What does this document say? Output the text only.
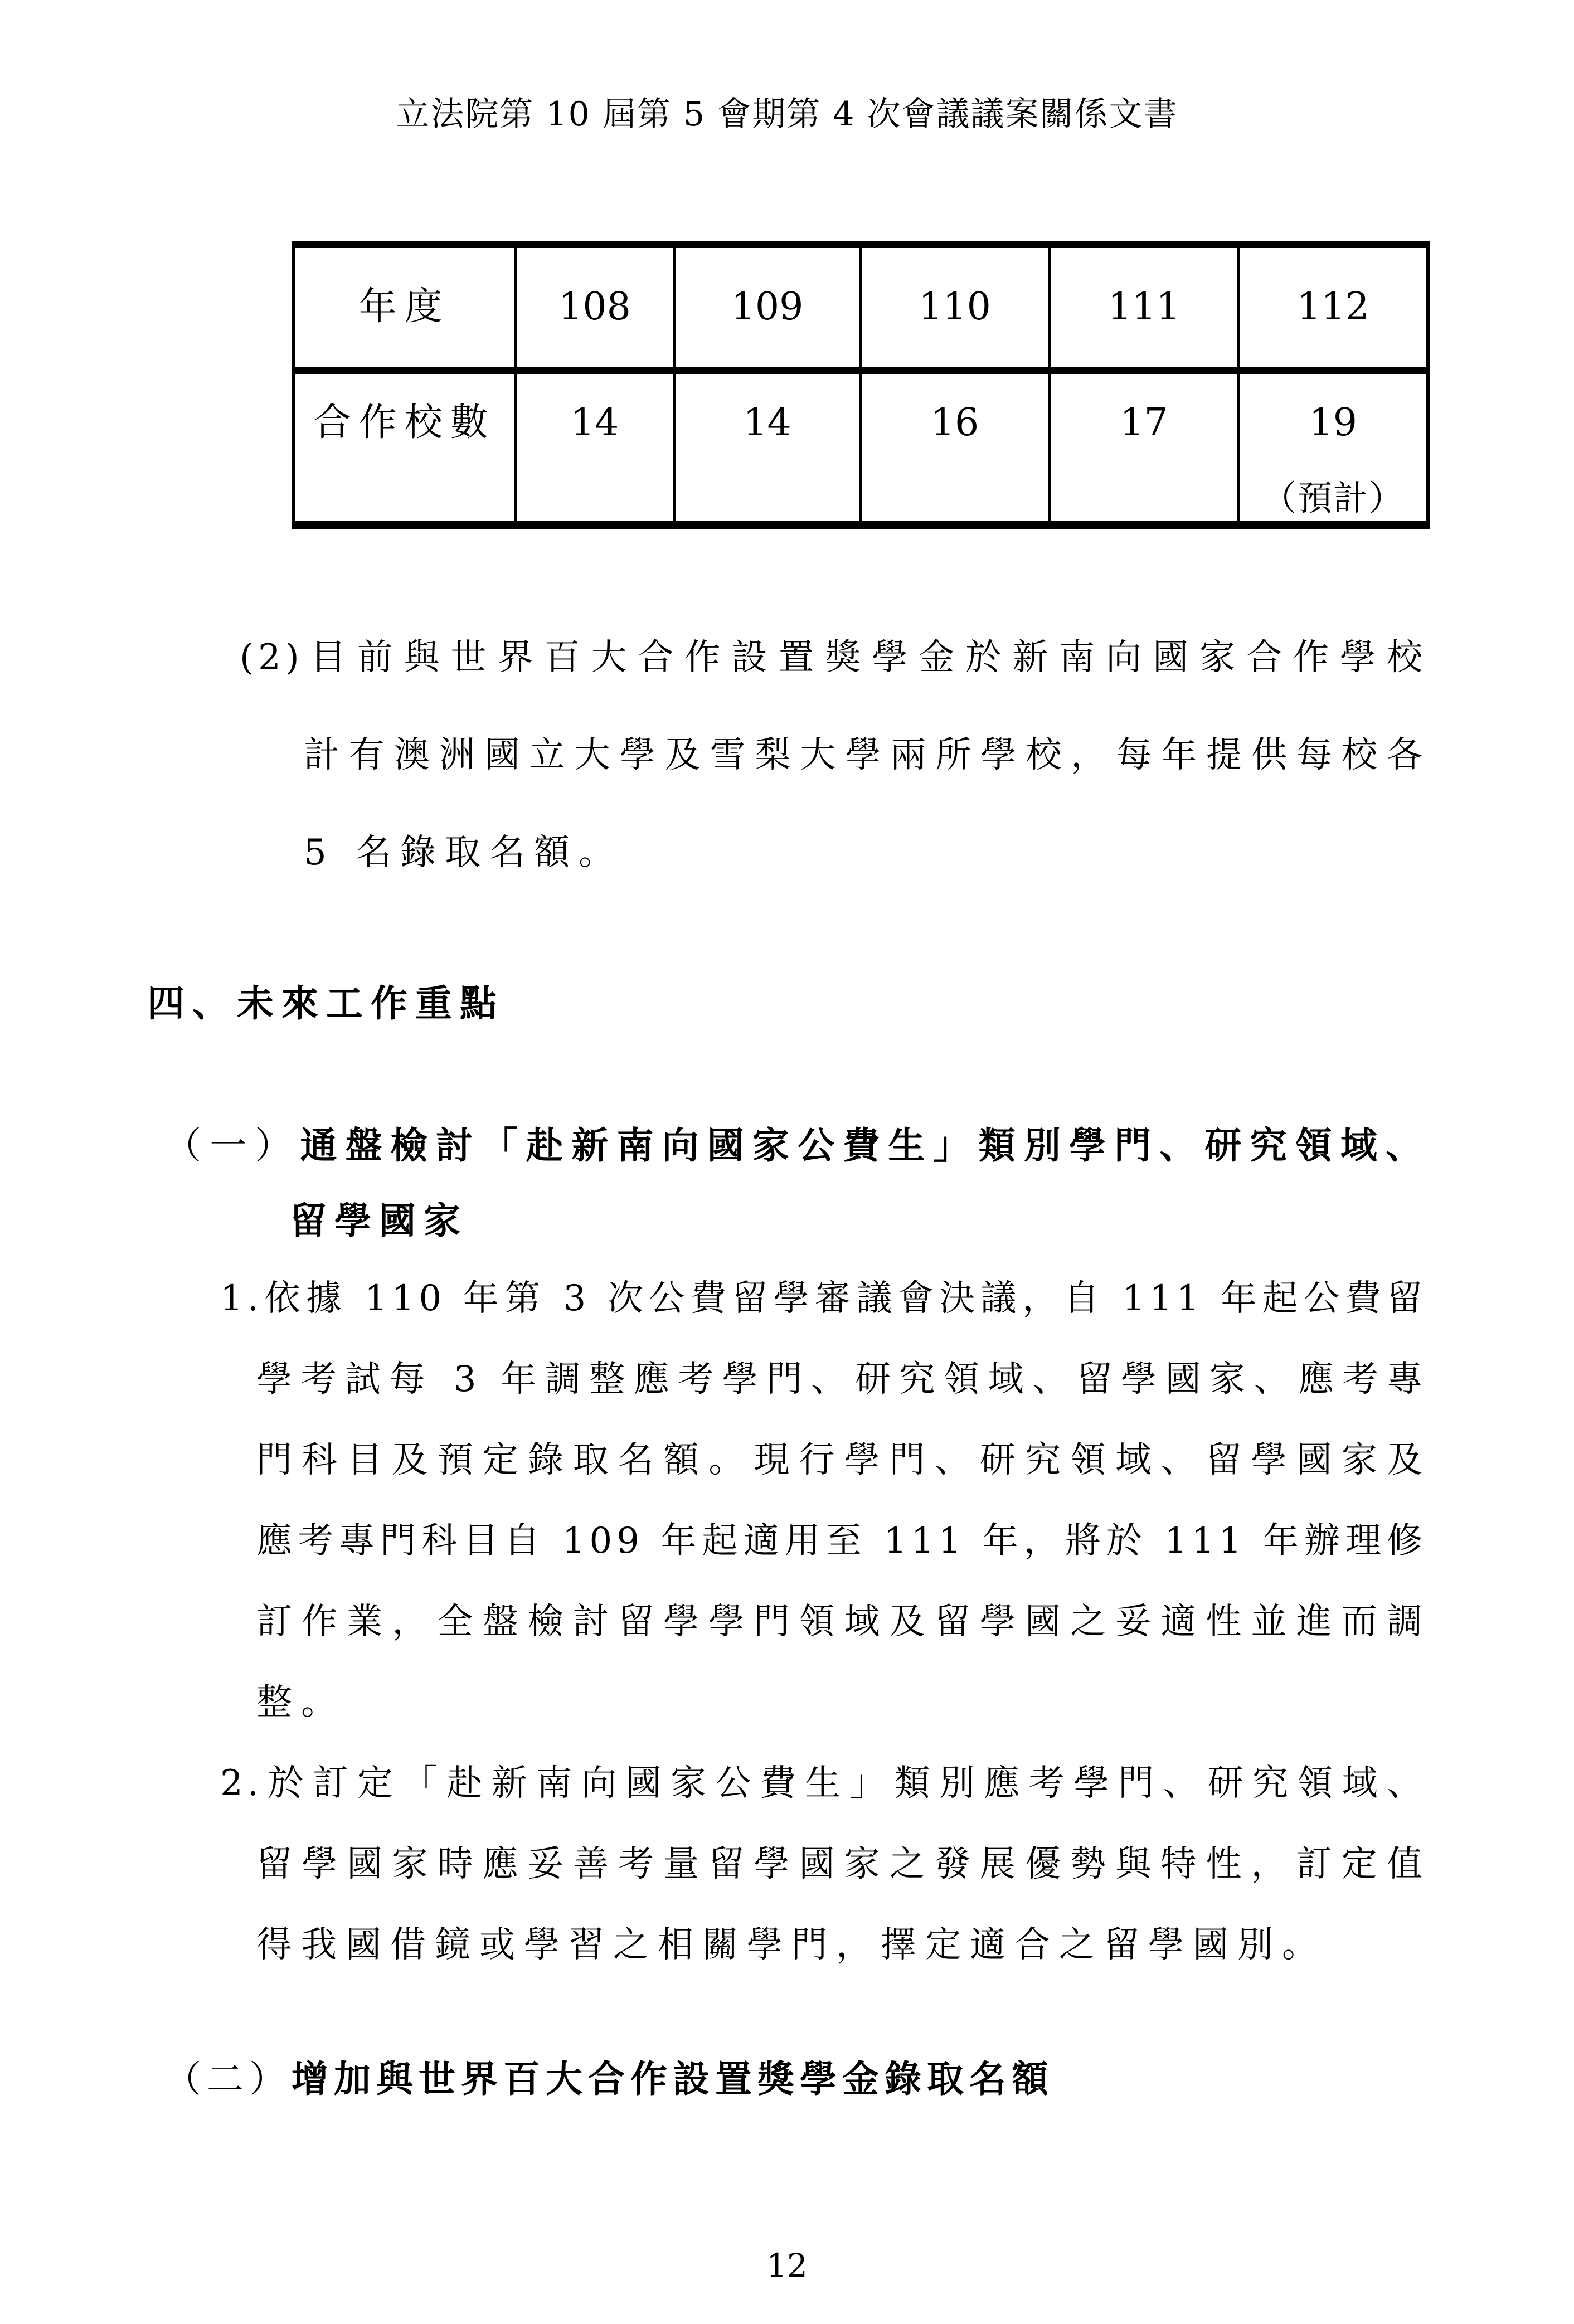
立法院第 10 屆第 5 會期第 4 次會議議案關係文書
年度	108	109	110	111	112
合作校數	14	14	16	17	19
（預計）
(2)目前與世界百大合作設置獎學金於新南向國家合作學校
計有澳洲國立大學及雪梨大學兩所學校，每年提供每校各
5 名錄取名額。
四、未來工作重點
（一）通盤檢討「赴新南向國家公費生」類別學門、研究領域、
留學國家
1.依據 110 年第 3 次公費留學審議會決議，自 111 年起公費留
學考試每 3 年調整應考學門、研究領域、留學國家、應考專
門科目及預定錄取名額。現行學門、研究領域、留學國家及
應考專門科目自 109 年起適用至 111 年，將於 111 年辦理修
訂作業，全盤檢討留學學門領域及留學國之妥適性並進而調
整。
2.於訂定「赴新南向國家公費生」類別應考學門、研究領域、
留學國家時應妥善考量留學國家之發展優勢與特性，訂定值
得我國借鏡或學習之相關學門，擇定適合之留學國別。
（二）增加與世界百大合作設置獎學金錄取名額
12
